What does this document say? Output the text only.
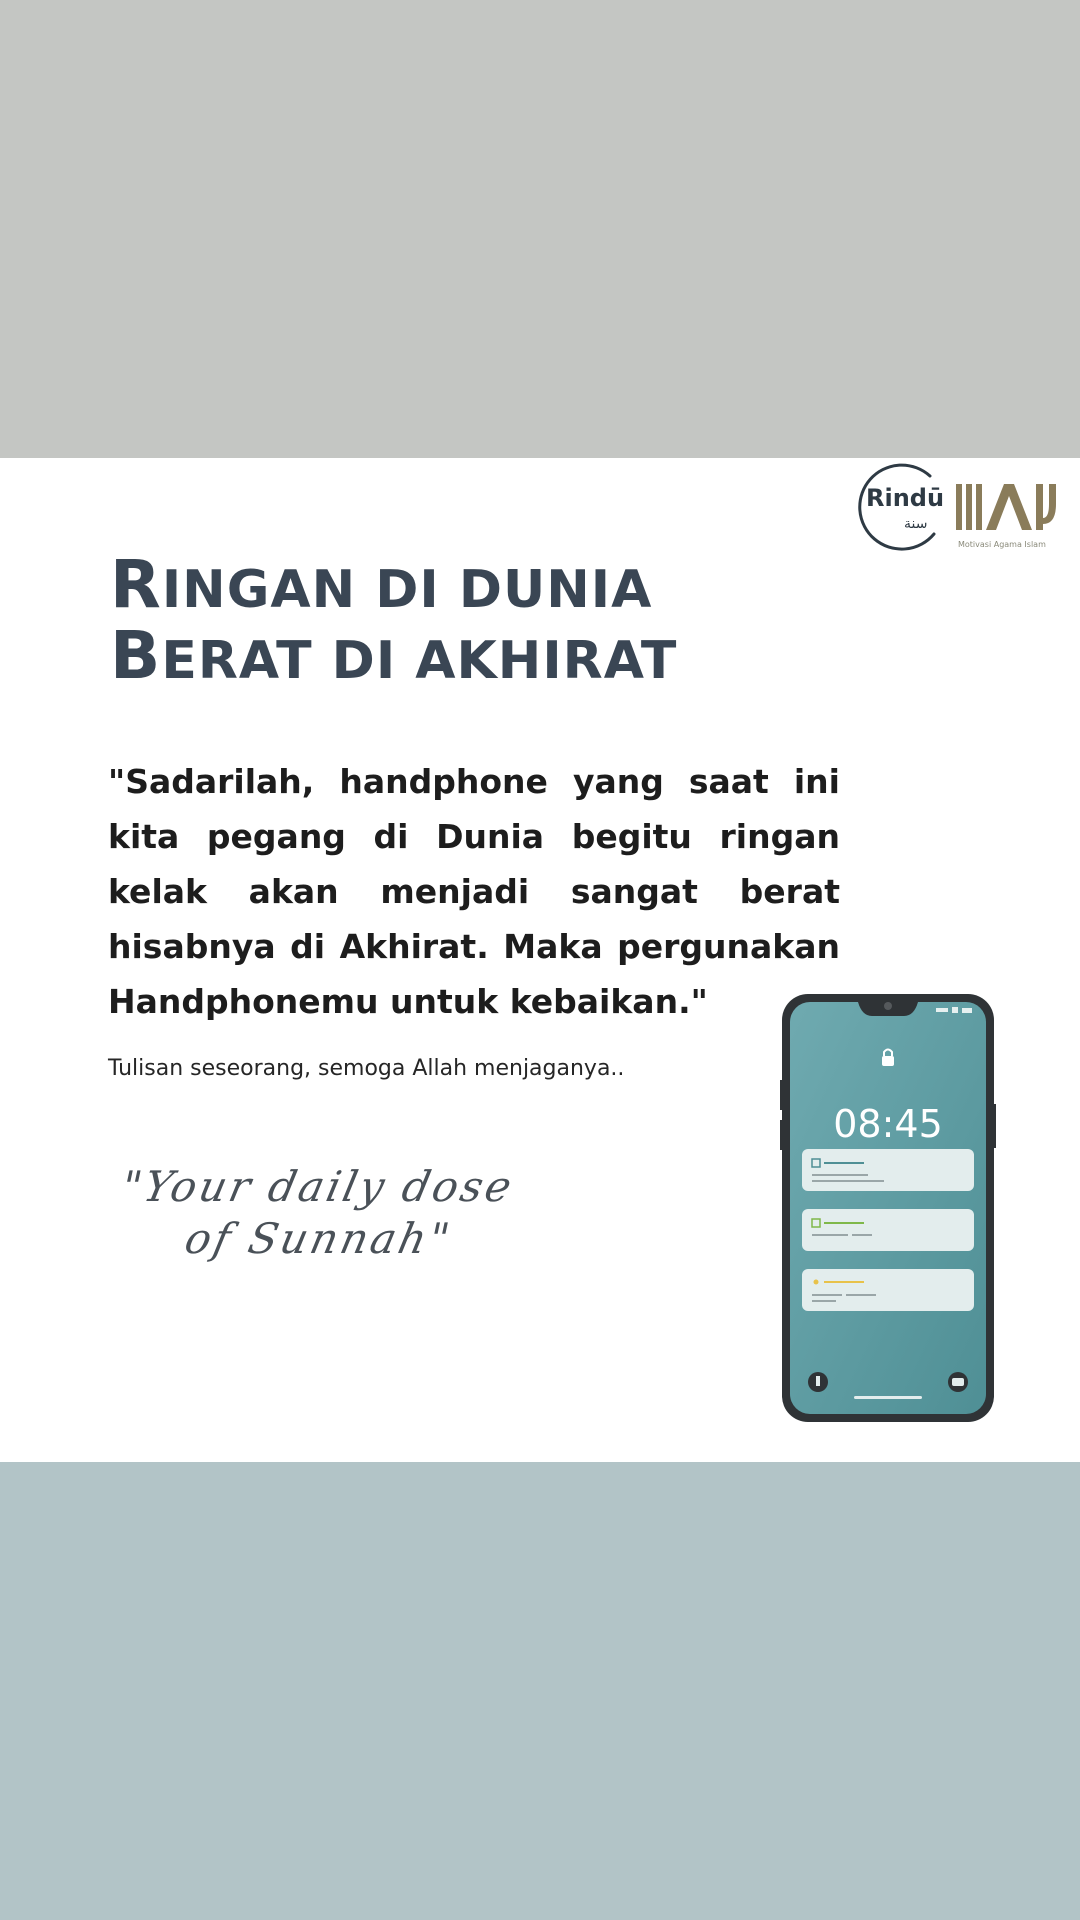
Rindū
سنة
Motivasi Agama Islam
RINGAN DI DUNIA
BERAT DI AKHIRAT

"Sadarilah, handphone yang saat ini kita pegang di Dunia begitu ringan kelak akan menjadi sangat berat hisabnya di Akhirat. Maka pergunakan Handphonemu untuk kebaikan."

Tulisan seseorang, semoga Allah menjaganya..

"Your daily dose
of Sunnah"
08:45
